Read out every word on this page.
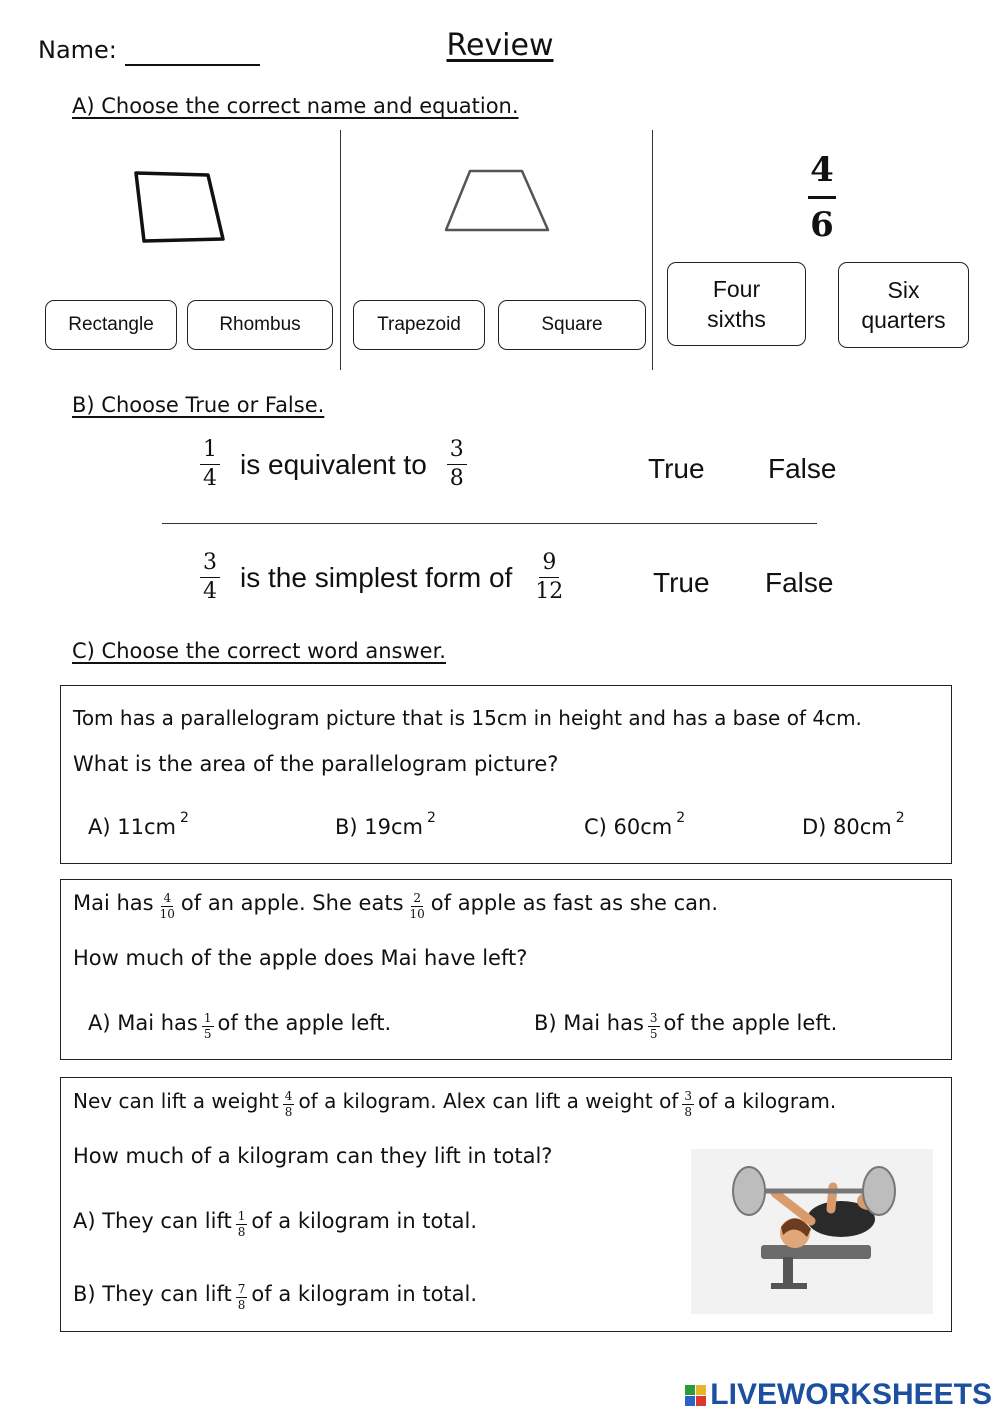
Name:	Review
A) Choose the correct name and equation.
Rectangle	Rhombus	Trapezoid	Square
4
6
Four
sixths
Six
quarters
B) Choose True or False.
$\frac{1}{4}$ is equivalent to $\frac{3}{8}$	True False
$\frac{3}{4}$ is the simplest form of $\frac{9}{12}$	True False
C) Choose the correct word answer.
Tom has a parallelogram picture that is 15cm in height and has a base of 4cm.
What is the area of the parallelogram picture?
A) 11cm $^2$	B) 19cm $^2$	C) 60cm $^2$	D) 80cm $^2$
Mai has $\frac{4}{10}$ of an apple. She eats $\frac{2}{10}$ of apple as fast as she can.
How much of the apple does Mai have left?
A) Mai has $\frac{1}{5}$ of the apple left.	B) Mai has $\frac{3}{5}$ of the apple left.
Nev can lift a weight $\frac{4}{8}$ of a kilogram. Alex can lift a weight of $\frac{3}{8}$ of a kilogram.
How much of a kilogram can they lift in total?
A) They can lift $\frac{1}{8}$ of a kilogram in total.
B) They can lift $\frac{7}{8}$ of a kilogram in total.
LIVEWORKSHEETS
